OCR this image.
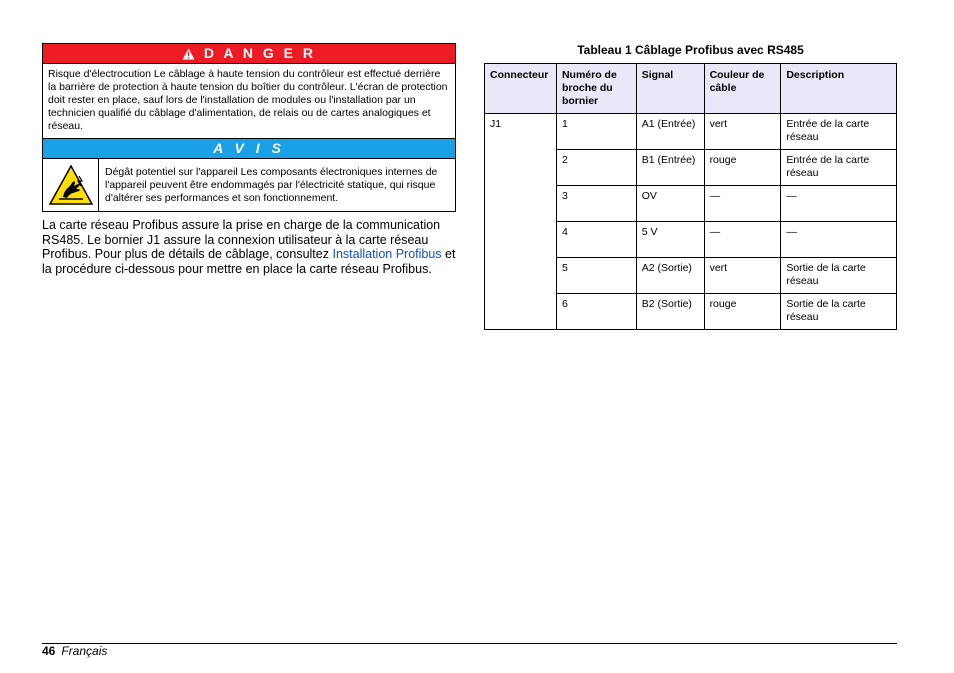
D A N G E R
Risque d'électrocution Le câblage à haute tension du contrôleur est effectué derrière la barrière de protection à haute tension du boîtier du contrôleur. L'écran de protection doit rester en place, sauf lors de l'installation de modules ou l'installation par un technicien qualifié du câblage d'alimentation, de relais ou de cartes analogiques et réseau.
A V I S
Dégât potentiel sur l'appareil Les composants électroniques internes de l'appareil peuvent être endommagés par l'électricité statique, qui risque d'altérer ses performances et son fonctionnement.
La carte réseau Profibus assure la prise en charge de la communication RS485. Le bornier J1 assure la connexion utilisateur à la carte réseau Profibus. Pour plus de détails de câblage, consultez Installation Profibus et la procédure ci-dessous pour mettre en place la carte réseau Profibus.
Tableau 1 Câblage Profibus avec RS485
Connecteur	Numéro de broche du bornier	Signal	Couleur de câble	Description
J1	1	A1 (Entrée)	vert	Entrée de la carte réseau
	2	B1 (Entrée)	rouge	Entrée de la carte réseau
	3	OV	—	—
	4	5 V	—	—
	5	A2 (Sortie)	vert	Sortie de la carte réseau
	6	B2 (Sortie)	rouge	Sortie de la carte réseau
46 Français
